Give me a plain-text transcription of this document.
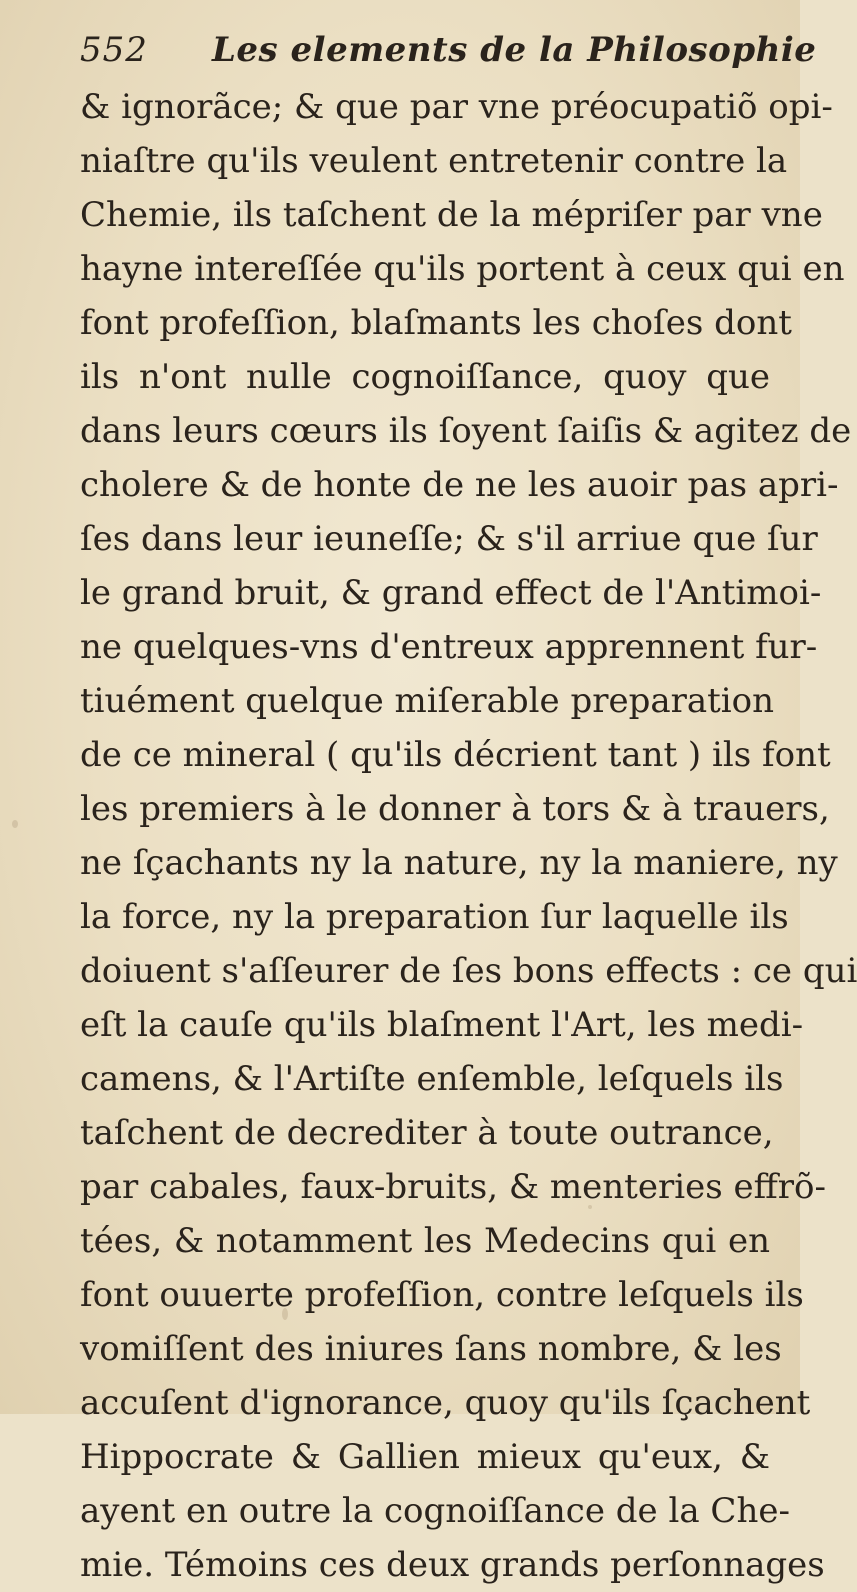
552 Les elements de la Philosophie
& ignorãce; & que par vne préocupatiõ opi-
niaſtre qu'ils veulent entretenir contre la
Chemie, ils taſchent de la mépriſer par vne
hayne intereſſée qu'ils portent à ceux qui en
font profeſſion, blaſmants les choſes dont
ils n'ont nulle cognoiſſance, quoy que
dans leurs cœurs ils ſoyent ſaiſis & agitez de
cholere & de honte de ne les auoir pas apri-
ſes dans leur ieuneſſe; & s'il arriue que ſur
le grand bruit, & grand effect de l'Antimoi-
ne quelques-vns d'entreux apprennent fur-
tiuément quelque miſerable preparation
de ce mineral ( qu'ils décrient tant ) ils font
les premiers à le donner à tors & à trauers,
ne ſçachants ny la nature, ny la maniere, ny
la force, ny la preparation ſur laquelle ils
doiuent s'aſſeurer de ſes bons effects : ce qui
eſt la cauſe qu'ils blaſment l'Art, les medi-
camens, & l'Artiſte enſemble, leſquels ils
taſchent de decrediter à toute outrance,
par cabales, faux-bruits, & menteries effrõ-
tées, & notamment les Medecins qui en
font ouuerte profeſſion, contre leſquels ils
vomiſſent des iniures ſans nombre, & les
accuſent d'ignorance, quoy qu'ils ſçachent
Hippocrate & Gallien mieux qu'eux, &
ayent en outre la cognoiſſance de la Che-
mie. Témoins ces deux grands perſonnages
